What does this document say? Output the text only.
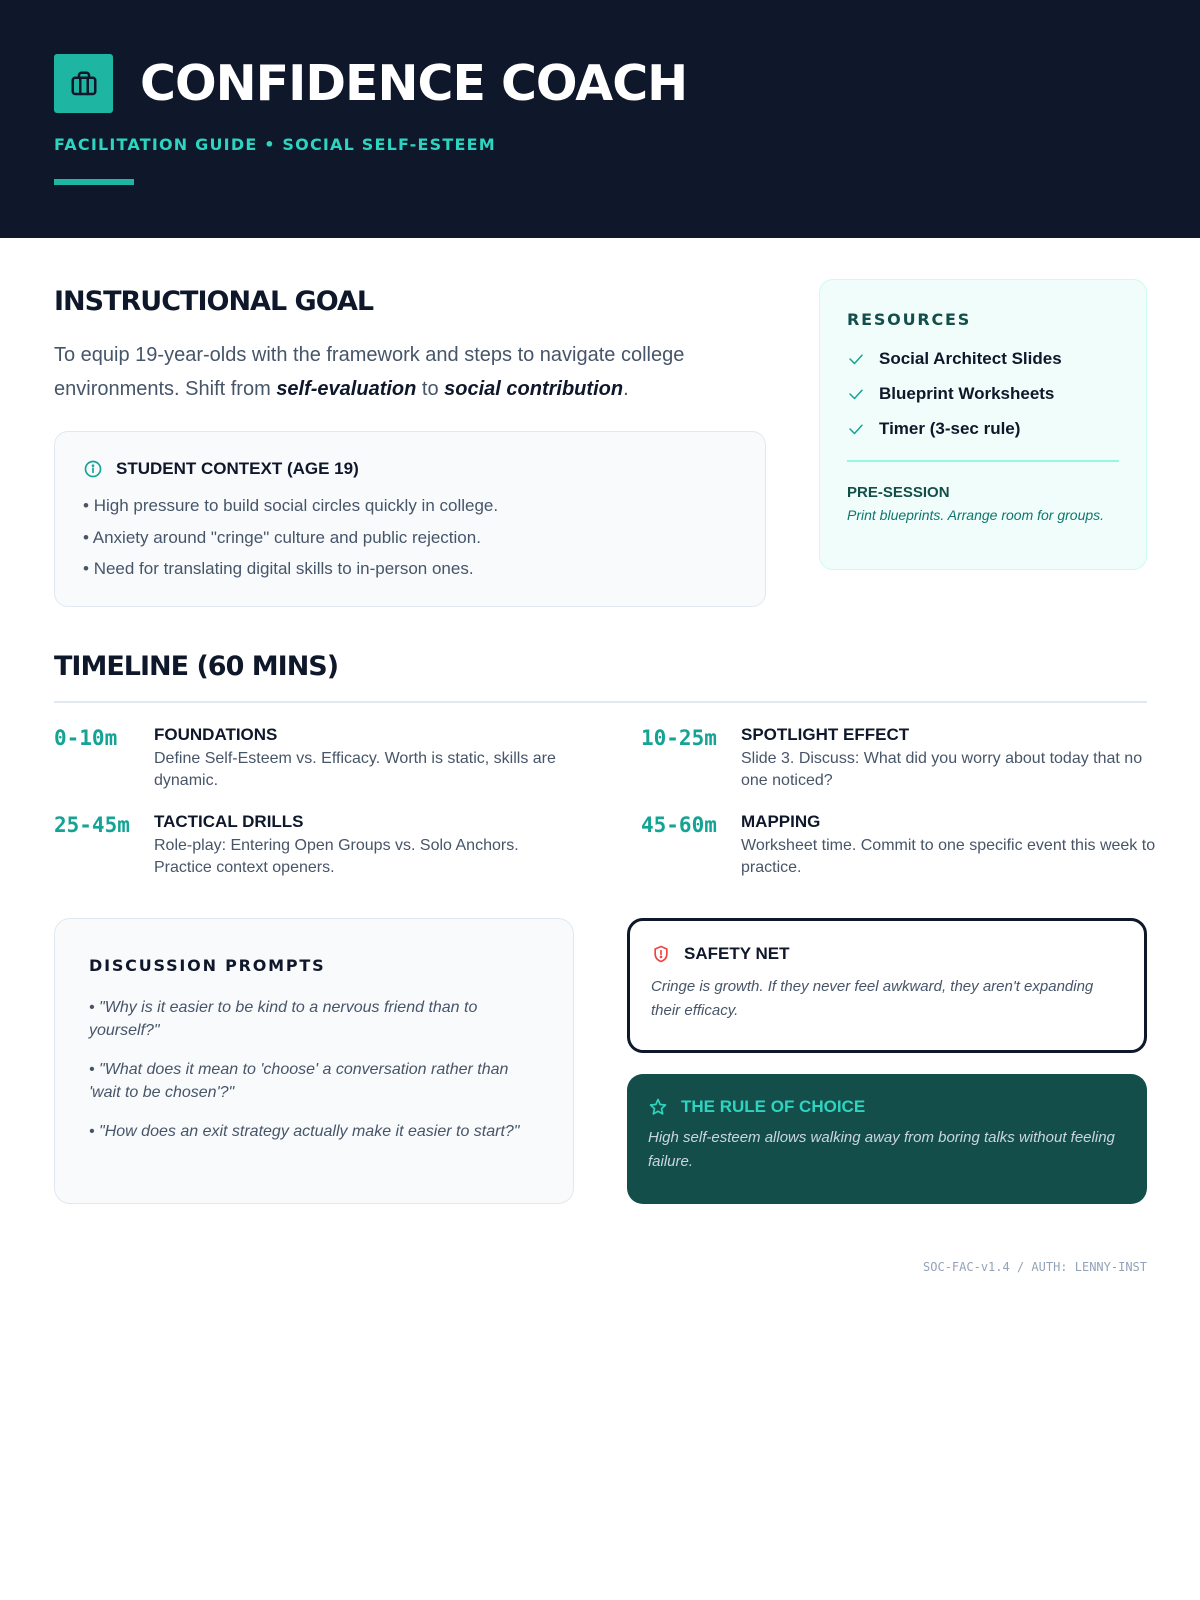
CONFIDENCE COACH
FACILITATION GUIDE • SOCIAL SELF-ESTEEM
INSTRUCTIONAL GOAL

To equip 19-year-olds with the framework and steps to navigate college environments. Shift from self-evaluation to social contribution.

STUDENT CONTEXT (AGE 19)
• High pressure to build social circles quickly in college.
• Anxiety around "cringe" culture and public rejection.
• Need for translating digital skills to in-person ones.
RESOURCES
Social Architect Slides
Blueprint Worksheets
Timer (3-sec rule)
PRE-SESSION
Print blueprints. Arrange room for groups.
TIMELINE (60 MINS)
0-10m	FOUNDATIONS
Define Self-Esteem vs. Efficacy. Worth is static, skills are dynamic.
10-25m	SPOTLIGHT EFFECT
Slide 3. Discuss: What did you worry about today that no one noticed?
25-45m	TACTICAL DRILLS
Role-play: Entering Open Groups vs. Solo Anchors. Practice context openers.
45-60m	MAPPING
Worksheet time. Commit to one specific event this week to practice.
DISCUSSION PROMPTS
• "Why is it easier to be kind to a nervous friend than to yourself?"
• "What does it mean to 'choose' a conversation rather than 'wait to be chosen'?"
• "How does an exit strategy actually make it easier to start?"
SAFETY NET
Cringe is growth. If they never feel awkward, they aren't expanding their efficacy.
THE RULE OF CHOICE
High self-esteem allows walking away from boring talks without feeling failure.
SOC-FAC-v1.4 / AUTH: LENNY-INST
